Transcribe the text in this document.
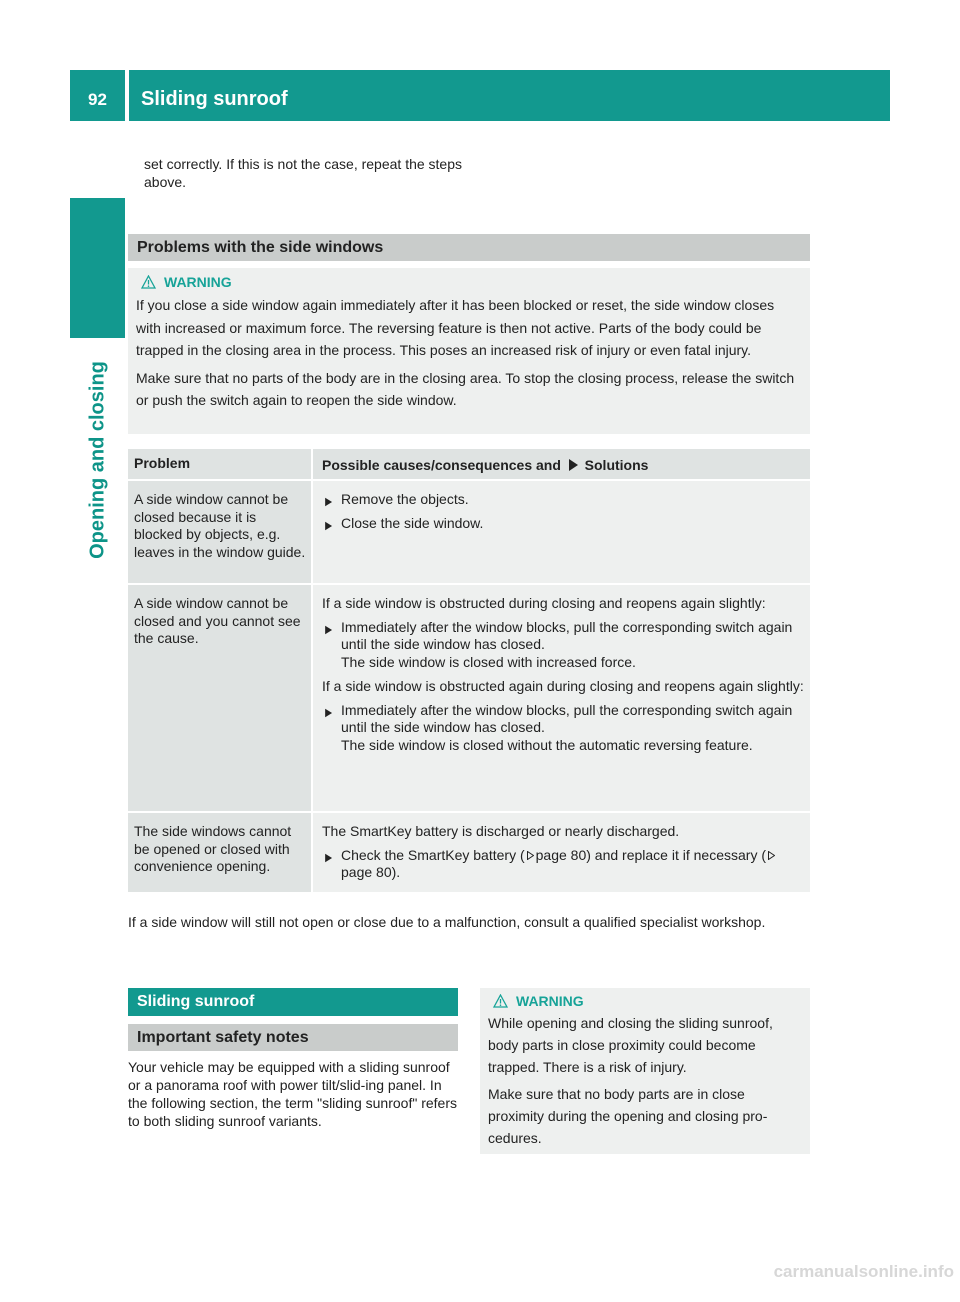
92	Sliding sunroof
Opening and closing
set correctly. If this is not the case, repeat the steps above.
Problems with the side windows
WARNING
If you close a side window again immediately after it has been blocked or reset, the side window closes with increased or maximum force. The reversing feature is then not active. Parts of the body could be trapped in the closing area in the process. This poses an increased risk of injury or even fatal injury.
Make sure that no parts of the body are in the closing area. To stop the closing process, release the switch or push the switch again to reopen the side window.
Problem	Possible causes/consequences and Solutions
A side window cannot be closed because it is blocked by objects, e.g. leaves in the window guide.
Remove the objects.
Close the side window.
A side window cannot be closed and you cannot see the cause.
If a side window is obstructed during closing and reopens again slightly:
Immediately after the window blocks, pull the corresponding switch again until the side window has closed.
The side window is closed with increased force.
If a side window is obstructed again during closing and reopens again slightly:
Immediately after the window blocks, pull the corresponding switch again until the side window has closed.
The side window is closed without the automatic reversing feature.
The side windows cannot be opened or closed with convenience opening.
The SmartKey battery is discharged or nearly discharged.
Check the SmartKey battery ( page 80) and replace it if necessary (page 80).
If a side window will still not open or close due to a malfunction, consult a qualified specialist workshop.
Sliding sunroof
Important safety notes
Your vehicle may be equipped with a sliding sunroof or a panorama roof with power tilt/slid-ing panel. In the following section, the term "sliding sunroof" refers to both sliding sunroof variants.
WARNING
While opening and closing the sliding sunroof, body parts in close proximity could become trapped. There is a risk of injury.
Make sure that no body parts are in close proximity during the opening and closing pro-cedures.
carmanualsonline.info
